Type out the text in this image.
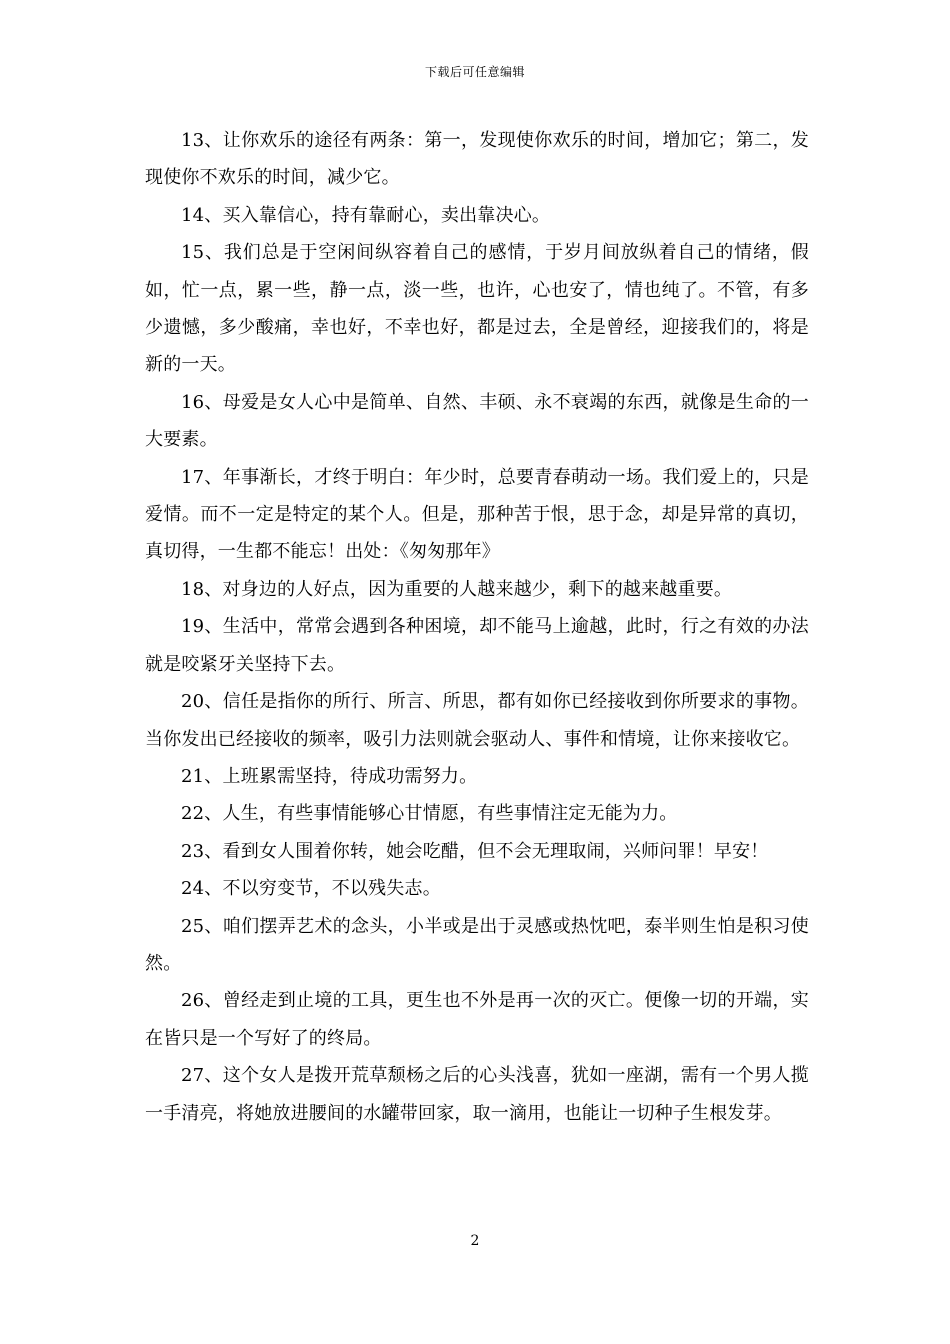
下载后可任意编辑

13、让你欢乐的途径有两条：第一，发现使你欢乐的时间，增加它；第二，发现使你不欢乐的时间，减少它。

14、买入靠信心，持有靠耐心，卖出靠决心。

15、我们总是于空闲间纵容着自己的感情，于岁月间放纵着自己的情绪，假如，忙一点，累一些，静一点，淡一些，也许，心也安了，情也纯了。不管，有多少遗憾，多少酸痛，幸也好，不幸也好，都是过去，全是曾经，迎接我们的，将是新的一天。

16、母爱是女人心中是简单、自然、丰硕、永不衰竭的东西，就像是生命的一大要素。

17、年事渐长，才终于明白：年少时，总要青春萌动一场。我们爱上的，只是爱情。而不一定是特定的某个人。但是，那种苦于恨，思于念，却是异常的真切，真切得，一生都不能忘！出处：《匆匆那年》

18、对身边的人好点，因为重要的人越来越少，剩下的越来越重要。

19、生活中，常常会遇到各种困境，却不能马上逾越，此时，行之有效的办法就是咬紧牙关坚持下去。

20、信任是指你的所行、所言、所思，都有如你已经接收到你所要求的事物。当你发出已经接收的频率，吸引力法则就会驱动人、事件和情境，让你来接收它。

21、上班累需坚持，待成功需努力。

22、人生，有些事情能够心甘情愿，有些事情注定无能为力。

23、看到女人围着你转，她会吃醋，但不会无理取闹，兴师问罪！早安！

24、不以穷变节，不以残失志。

25、咱们摆弄艺术的念头，小半或是出于灵感或热忱吧，泰半则生怕是积习使然。

26、曾经走到止境的工具，更生也不外是再一次的灭亡。便像一切的开端，实在皆只是一个写好了的终局。

27、这个女人是拨开荒草颓杨之后的心头浅喜，犹如一座湖，需有一个男人揽一手清亮，将她放进腰间的水罐带回家，取一滴用，也能让一切种子生根发芽。

2
